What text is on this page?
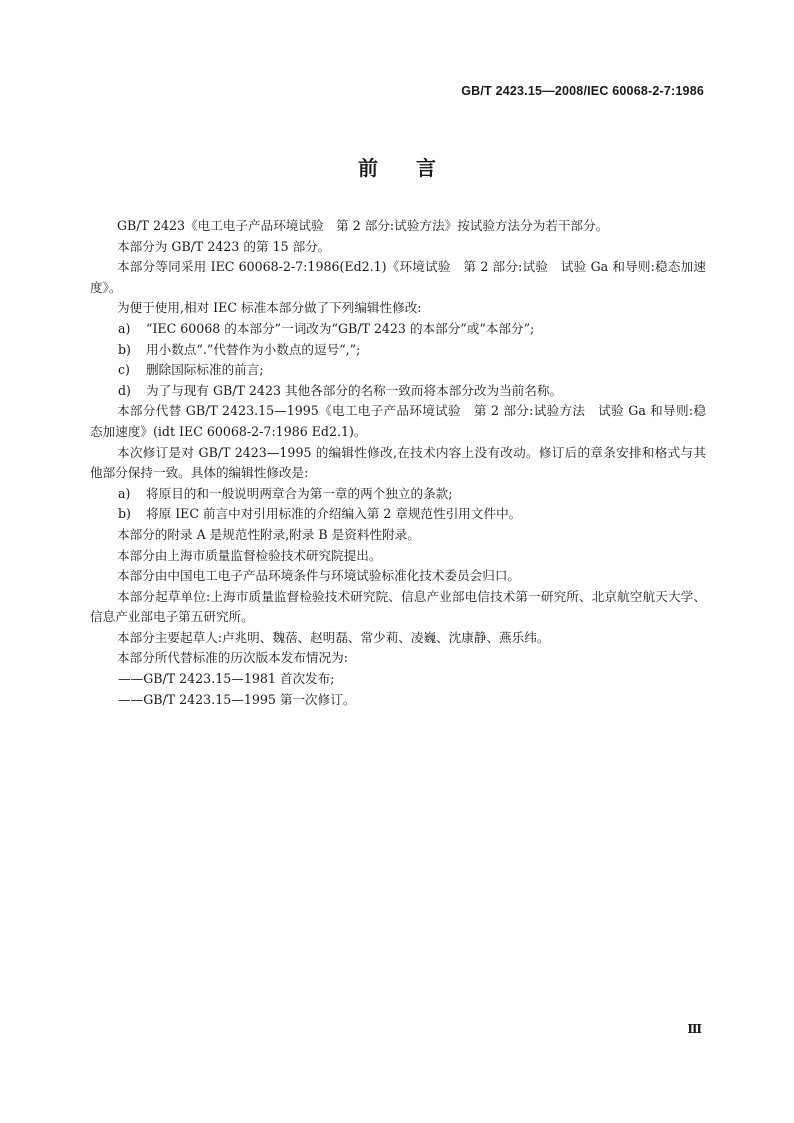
GB/T 2423.15—2008/IEC 60068-2-7:1986
前言

GB/T 2423《电工电子产品环境试验　第 2 部分:试验方法》按试验方法分为若干部分。

本部分为 GB/T 2423 的第 15 部分。

本部分等同采用 IEC 60068-2-7:1986(Ed2.1)《环境试验　第 2 部分:试验　试验 Ga 和导则:稳态加速度》。

为便于使用,相对 IEC 标准本部分做了下列编辑性修改:

a) “IEC 60068 的本部分”一词改为“GB/T 2423 的本部分”或“本部分”;

b) 用小数点“.”代替作为小数点的逗号“,”;

c) 删除国际标准的前言;

d) 为了与现有 GB/T 2423 其他各部分的名称一致而将本部分改为当前名称。

本部分代替 GB/T 2423.15—1995《电工电子产品环境试验　第 2 部分:试验方法　试验 Ga 和导则:稳态加速度》(idt IEC 60068-2-7:1986 Ed2.1)。

本次修订是对 GB/T 2423—1995 的编辑性修改,在技术内容上没有改动。修订后的章条安排和格式与其他部分保持一致。具体的编辑性修改是:

a) 将原目的和一般说明两章合为第一章的两个独立的条款;

b) 将原 IEC 前言中对引用标准的介绍编入第 2 章规范性引用文件中。

本部分的附录 A 是规范性附录,附录 B 是资料性附录。

本部分由上海市质量监督检验技术研究院提出。

本部分由中国电工电子产品环境条件与环境试验标准化技术委员会归口。

本部分起草单位:上海市质量监督检验技术研究院、信息产业部电信技术第一研究所、北京航空航天大学、信息产业部电子第五研究所。

本部分主要起草人:卢兆明、魏蓓、赵明磊、常少莉、凌巍、沈康静、燕乐纬。

本部分所代替标准的历次版本发布情况为:

——GB/T 2423.15—1981 首次发布;

——GB/T 2423.15—1995 第一次修订。

Ⅲ
